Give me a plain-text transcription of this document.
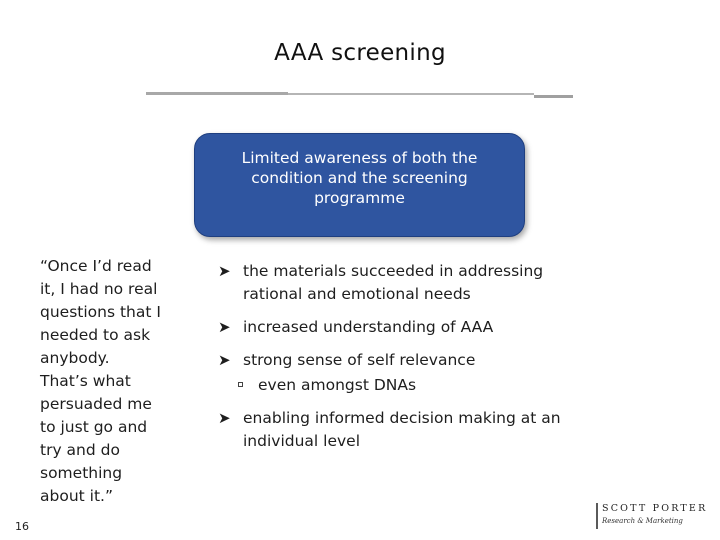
AAA screening
Limited awareness of both the condition and the screening programme
“Once I’d read
it, I had no real
questions that I
needed to ask
anybody.
That’s what
persuaded me
to just go and
try and do
something
about it.”
➤ the materials succeeded in addressing rational and emotional needs
➤ increased understanding of AAA
➤ strong sense of self relevance
even amongst DNAs
➤ enabling informed decision making at an individual level
16
SCOTT PORTER
Research & Marketing
